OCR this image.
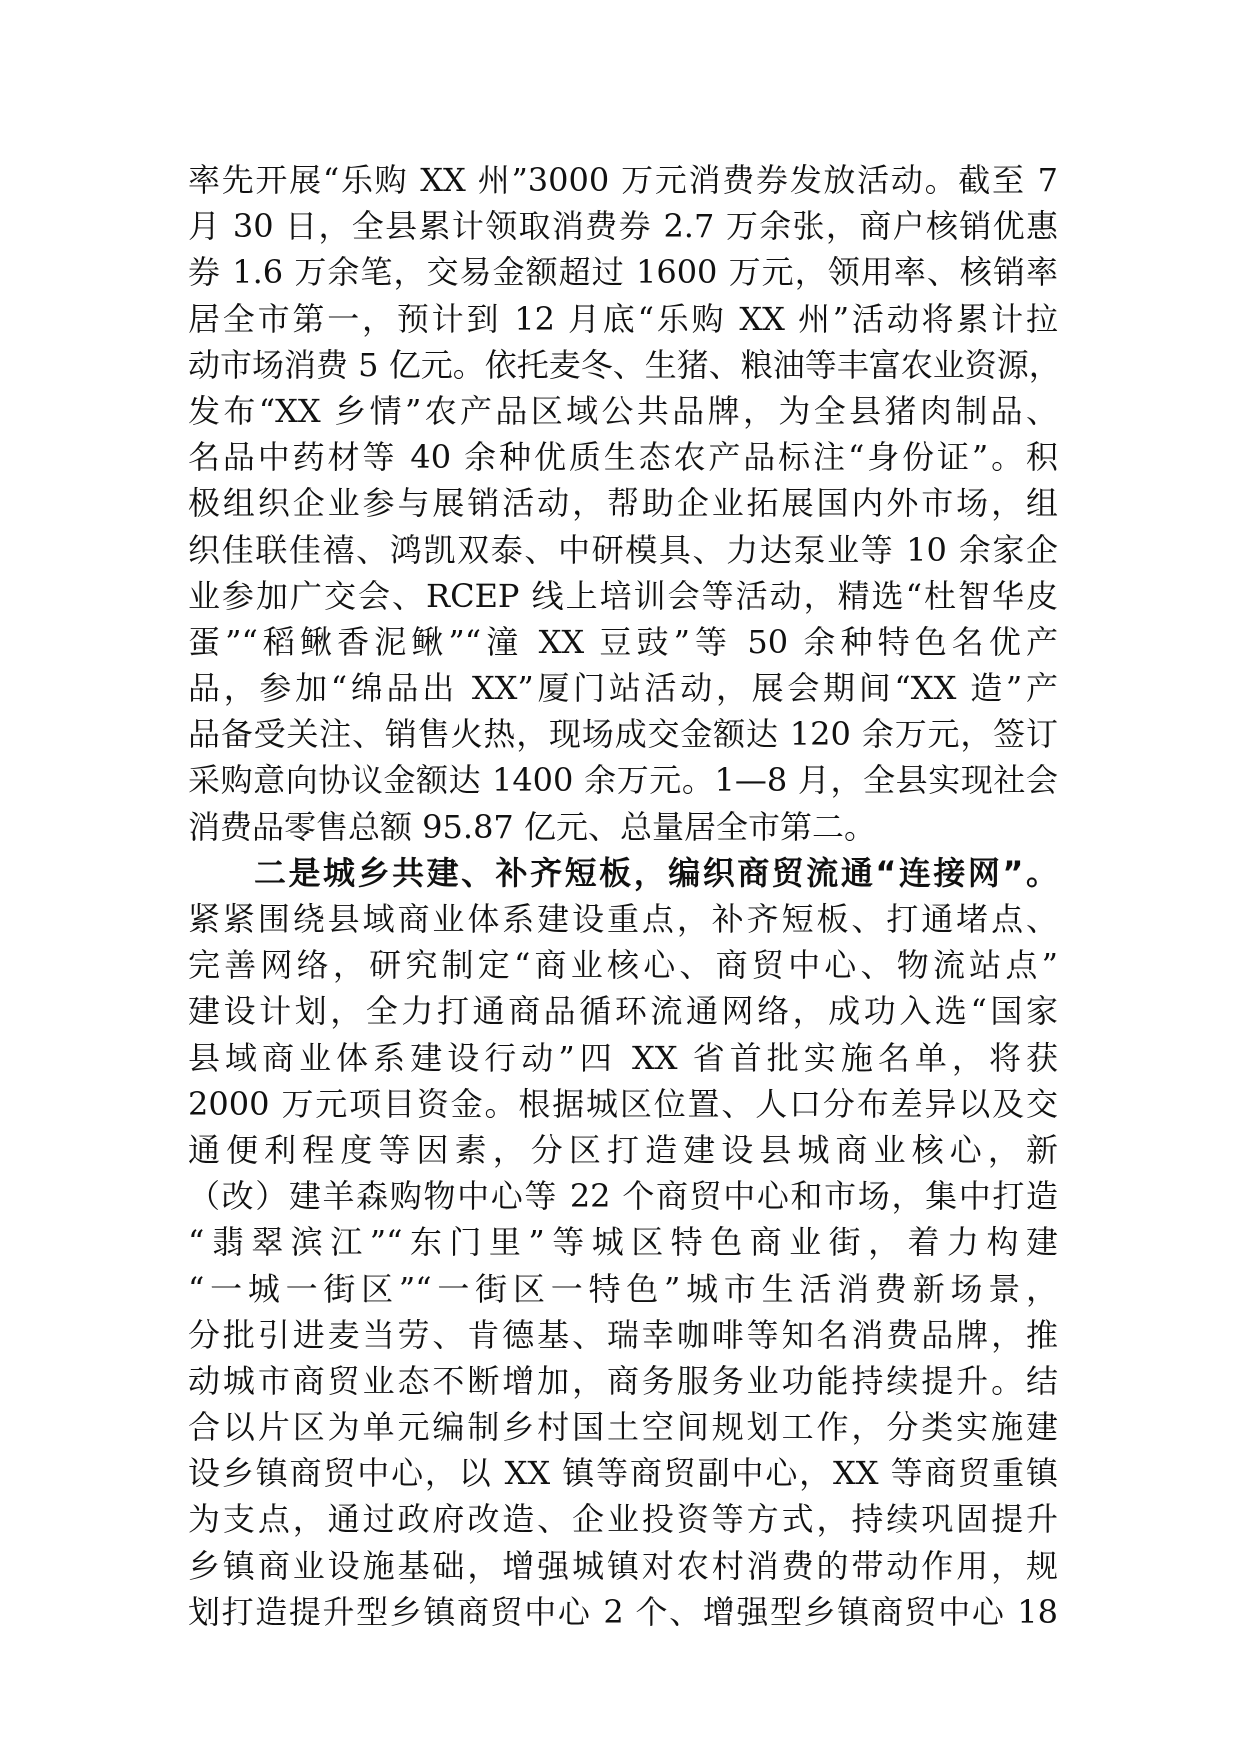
率先开展“乐购 XX 州”3000 万元消费券发放活动。截至 7
月 30 日，全县累计领取消费券 2.7 万余张，商户核销优惠
券 1.6 万余笔，交易金额超过 1600 万元，领用率、核销率
居全市第一，预计到 12 月底“乐购 XX 州”活动将累计拉
动市场消费 5 亿元。依托麦冬、生猪、粮油等丰富农业资源，
发布“XX 乡情”农产品区域公共品牌，为全县猪肉制品、
名品中药材等 40 余种优质生态农产品标注“身份证”。积
极组织企业参与展销活动，帮助企业拓展国内外市场，组
织佳联佳禧、鸿凯双泰、中研模具、力达泵业等 10 余家企
业参加广交会、RCEP 线上培训会等活动，精选“杜智华皮
蛋”“稻鳅香泥鳅”“潼 XX 豆豉”等 50 余种特色名优产
品，参加“绵品出 XX”厦门站活动，展会期间“XX 造”产
品备受关注、销售火热，现场成交金额达 120 余万元，签订
采购意向协议金额达 1400 余万元。1—8 月，全县实现社会
消费品零售总额 95.87 亿元、总量居全市第二。
二是城乡共建、补齐短板，编织商贸流通“连接网”。
紧紧围绕县域商业体系建设重点，补齐短板、打通堵点、
完善网络，研究制定“商业核心、商贸中心、物流站点”
建设计划，全力打通商品循环流通网络，成功入选“国家
县域商业体系建设行动”四 XX 省首批实施名单，将获
2000 万元项目资金。根据城区位置、人口分布差异以及交
通便利程度等因素，分区打造建设县城商业核心，新
（改）建羊森购物中心等 22 个商贸中心和市场，集中打造
“翡翠滨江”“东门里”等城区特色商业街，着力构建
“一城一街区”“一街区一特色”城市生活消费新场景，
分批引进麦当劳、肯德基、瑞幸咖啡等知名消费品牌，推
动城市商贸业态不断增加，商务服务业功能持续提升。结
合以片区为单元编制乡村国土空间规划工作，分类实施建
设乡镇商贸中心，以 XX 镇等商贸副中心，XX 等商贸重镇
为支点，通过政府改造、企业投资等方式，持续巩固提升
乡镇商业设施基础，增强城镇对农村消费的带动作用，规
划打造提升型乡镇商贸中心 2 个、增强型乡镇商贸中心 18
